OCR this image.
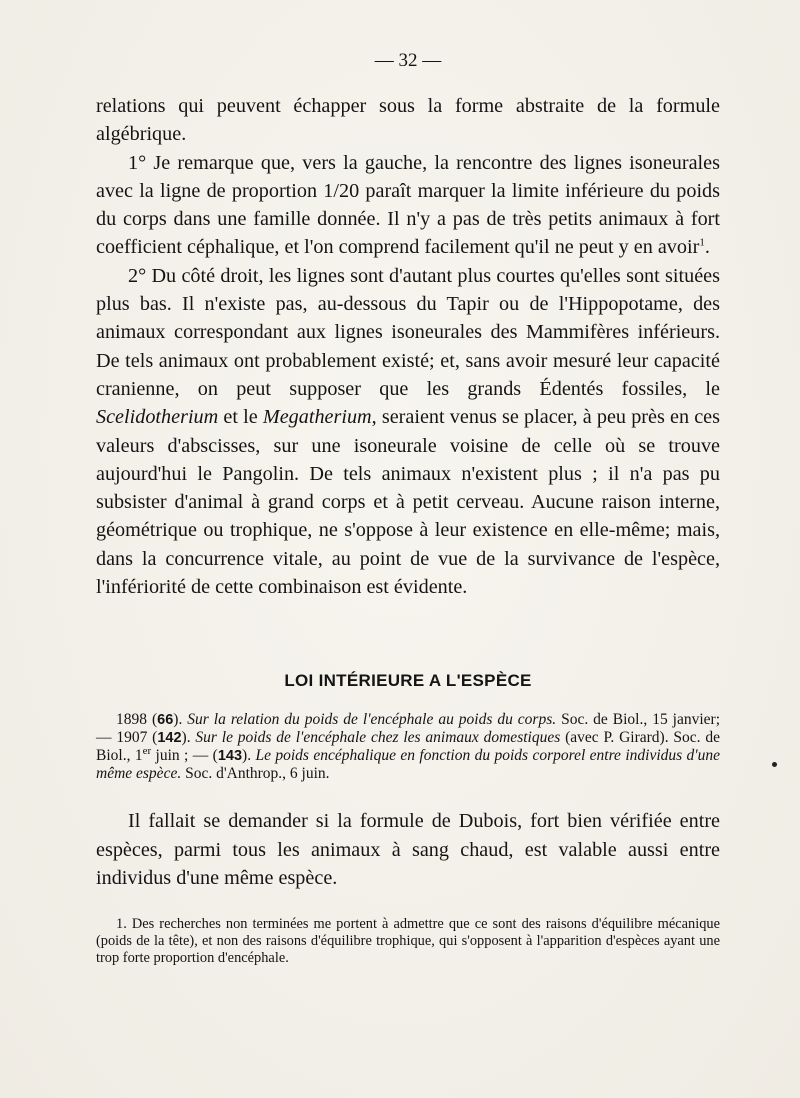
— 32 —

relations qui peuvent échapper sous la forme abstraite de la formule algébrique.

1° Je remarque que, vers la gauche, la rencontre des lignes isoneurales avec la ligne de proportion 1/20 paraît marquer la limite inférieure du poids du corps dans une famille donnée. Il n'y a pas de très petits animaux à fort coefficient céphalique, et l'on comprend facilement qu'il ne peut y en avoir$^1$.

2° Du côté droit, les lignes sont d'autant plus courtes qu'elles sont situées plus bas. Il n'existe pas, au-dessous du Tapir ou de l'Hippopotame, des animaux correspondant aux lignes isoneurales des Mammifères inférieurs. De tels animaux ont probablement existé; et, sans avoir mesuré leur capacité cranienne, on peut supposer que les grands Édentés fossiles, le Scelidotherium et le Megatherium, seraient venus se placer, à peu près en ces valeurs d'abscisses, sur une isoneurale voisine de celle où se trouve aujourd'hui le Pangolin. De tels animaux n'existent plus ; il n'a pas pu subsister d'animal à grand corps et à petit cerveau. Aucune raison interne, géométrique ou trophique, ne s'oppose à leur existence en elle-même; mais, dans la concurrence vitale, au point de vue de la survivance de l'espèce, l'infériorité de cette combinaison est évidente.

LOI INTÉRIEURE A L'ESPÈCE

1898 (66). Sur la relation du poids de l'encéphale au poids du corps. Soc. de Biol., 15 janvier; — 1907 (142). Sur le poids de l'encéphale chez les animaux domestiques (avec P. Girard). Soc. de Biol., 1er juin ; — (143). Le poids encéphalique en fonction du poids corporel entre individus d'une même espèce. Soc. d'Anthrop., 6 juin.

Il fallait se demander si la formule de Dubois, fort bien vérifiée entre espèces, parmi tous les animaux à sang chaud, est valable aussi entre individus d'une même espèce.

1. Des recherches non terminées me portent à admettre que ce sont des raisons d'équilibre mécanique (poids de la tête), et non des raisons d'équilibre trophique, qui s'opposent à l'apparition d'espèces ayant une trop forte proportion d'encéphale.
